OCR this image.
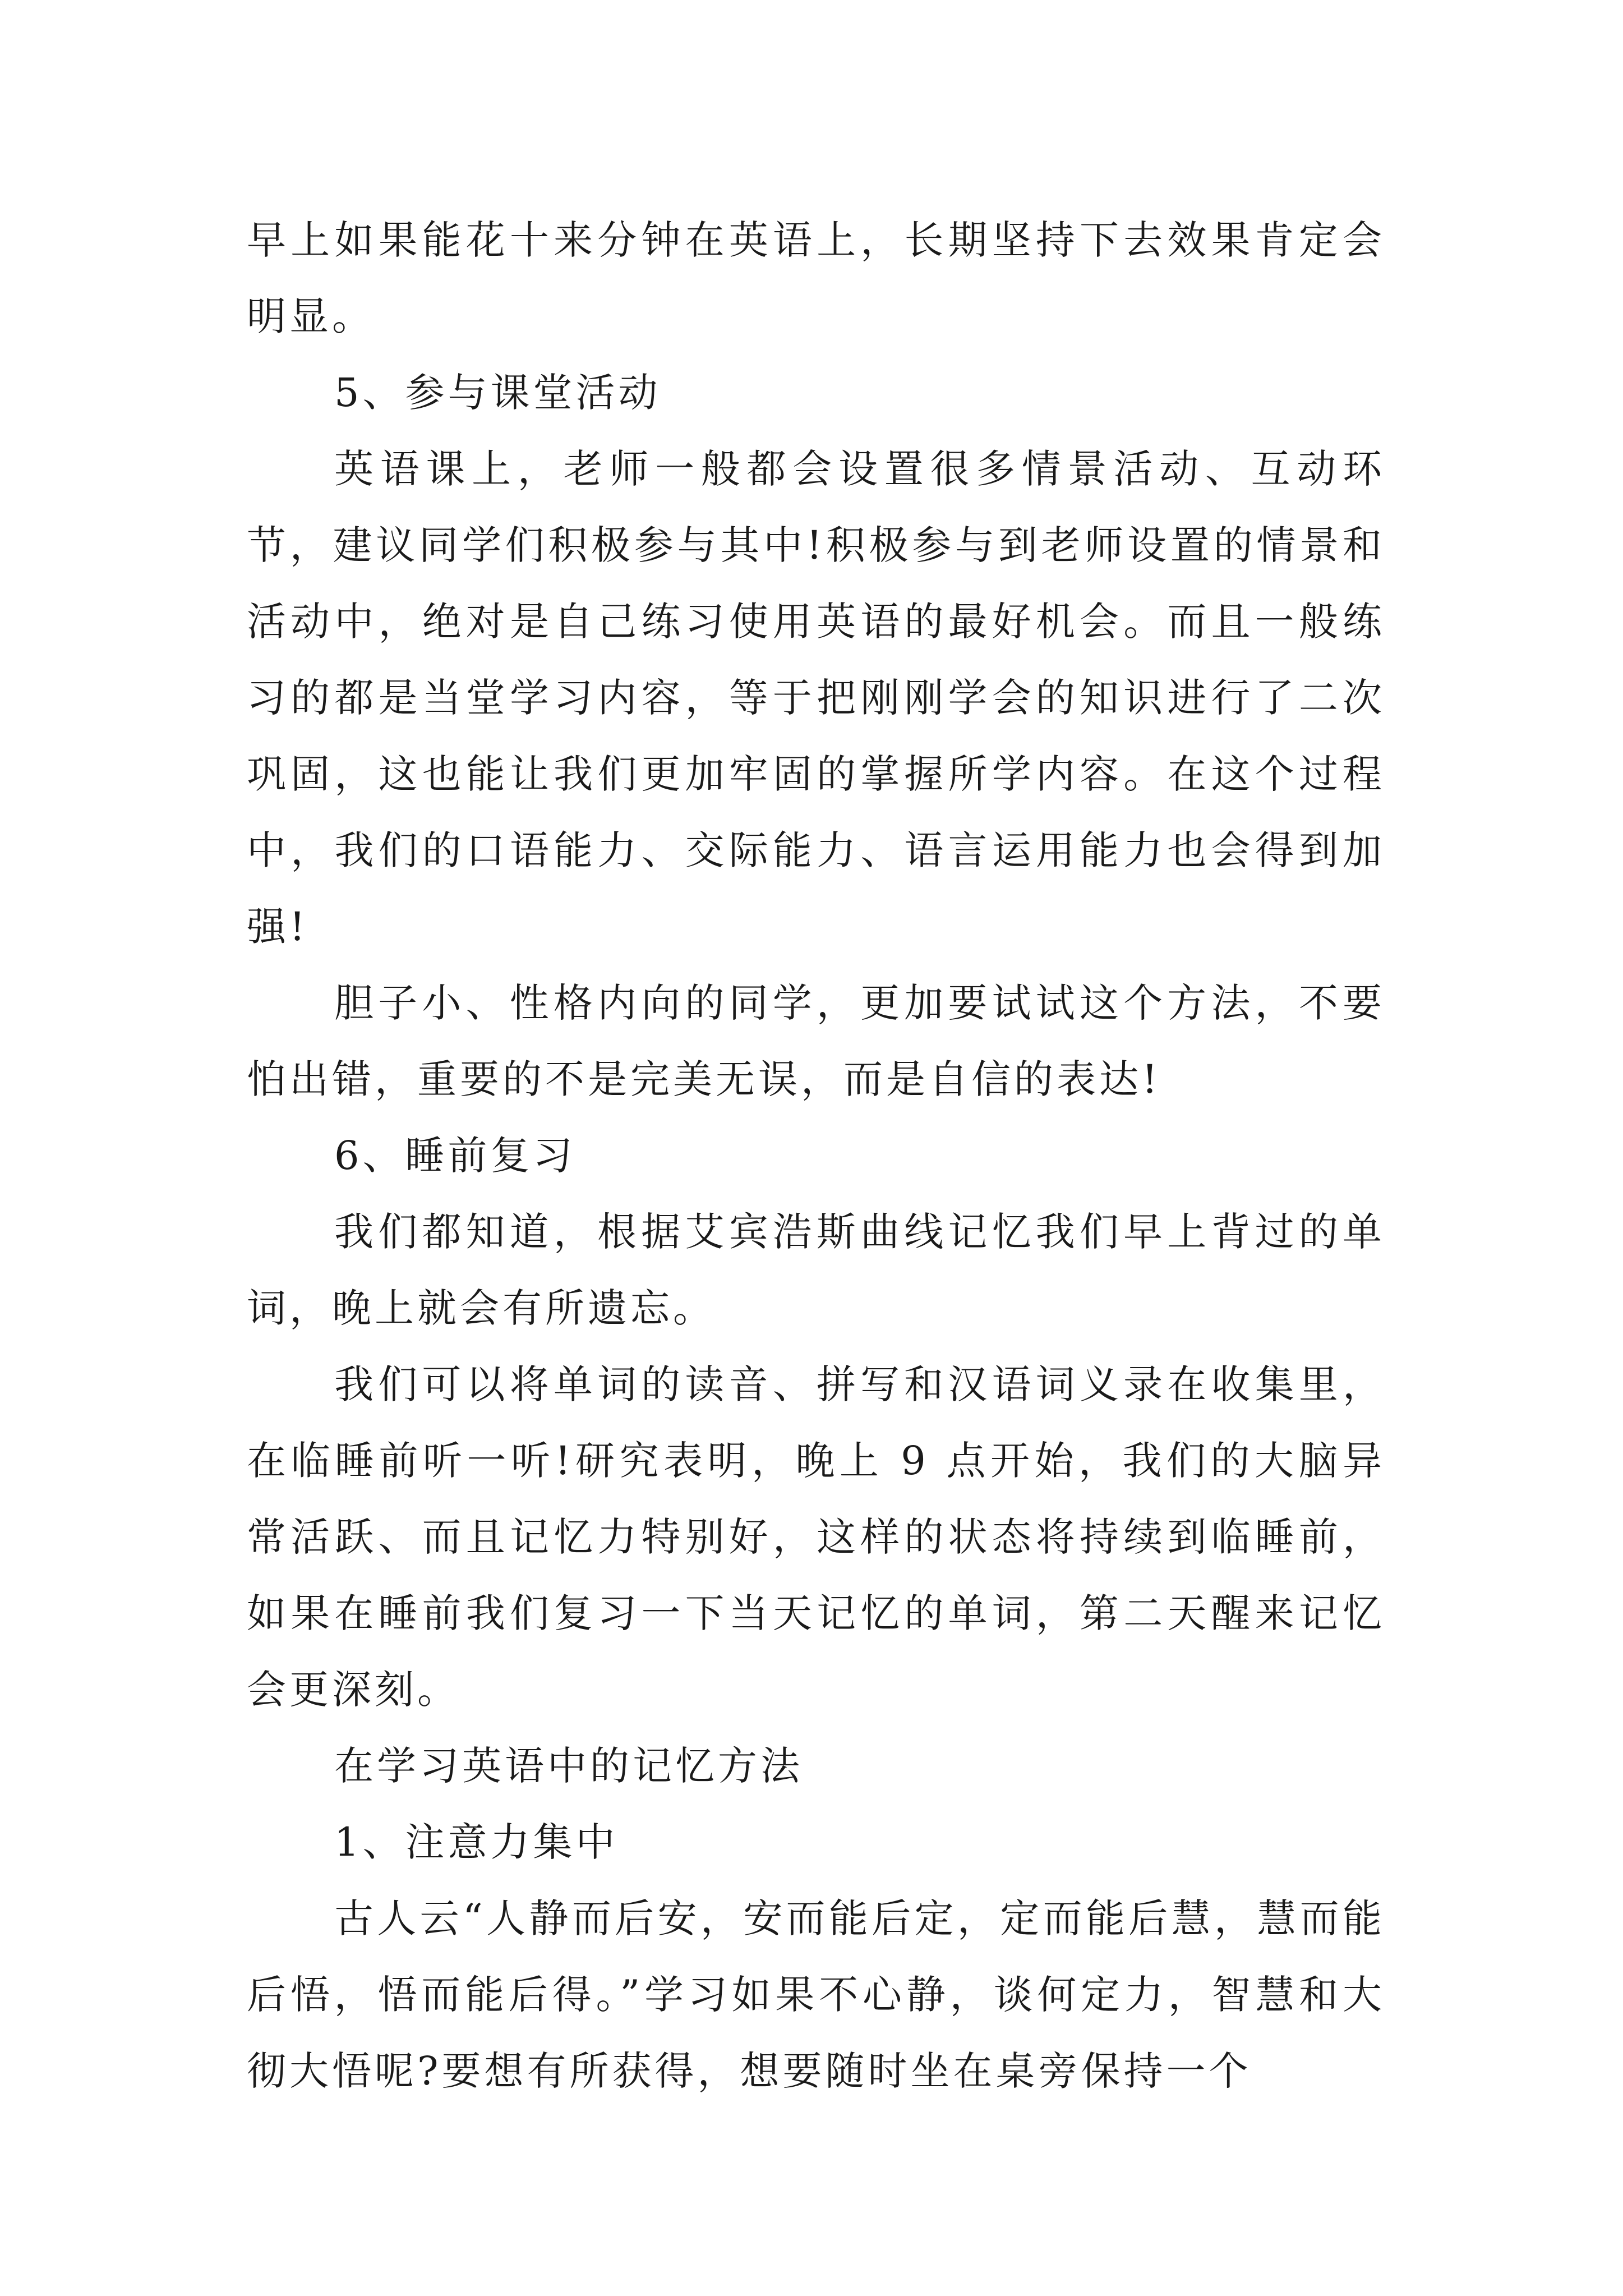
早上如果能花十来分钟在英语上，长期坚持下去效果肯定会明显。

5、参与课堂活动

英语课上，老师一般都会设置很多情景活动、互动环节，建议同学们积极参与其中!积极参与到老师设置的情景和活动中，绝对是自己练习使用英语的最好机会。而且一般练习的都是当堂学习内容，等于把刚刚学会的知识进行了二次巩固，这也能让我们更加牢固的掌握所学内容。在这个过程中，我们的口语能力、交际能力、语言运用能力也会得到加强!

胆子小、性格内向的同学，更加要试试这个方法，不要怕出错，重要的不是完美无误，而是自信的表达!

6、睡前复习

我们都知道，根据艾宾浩斯曲线记忆我们早上背过的单词，晚上就会有所遗忘。

我们可以将单词的读音、拼写和汉语词义录在收集里，在临睡前听一听!研究表明，晚上 9 点开始，我们的大脑异常活跃、而且记忆力特别好，这样的状态将持续到临睡前，如果在睡前我们复习一下当天记忆的单词，第二天醒来记忆会更深刻。

在学习英语中的记忆方法

1、注意力集中

古人云“人静而后安，安而能后定，定而能后慧，慧而能后悟，悟而能后得。”学习如果不心静，谈何定力，智慧和大彻大悟呢?要想有所获得，想要随时坐在桌旁保持一个
